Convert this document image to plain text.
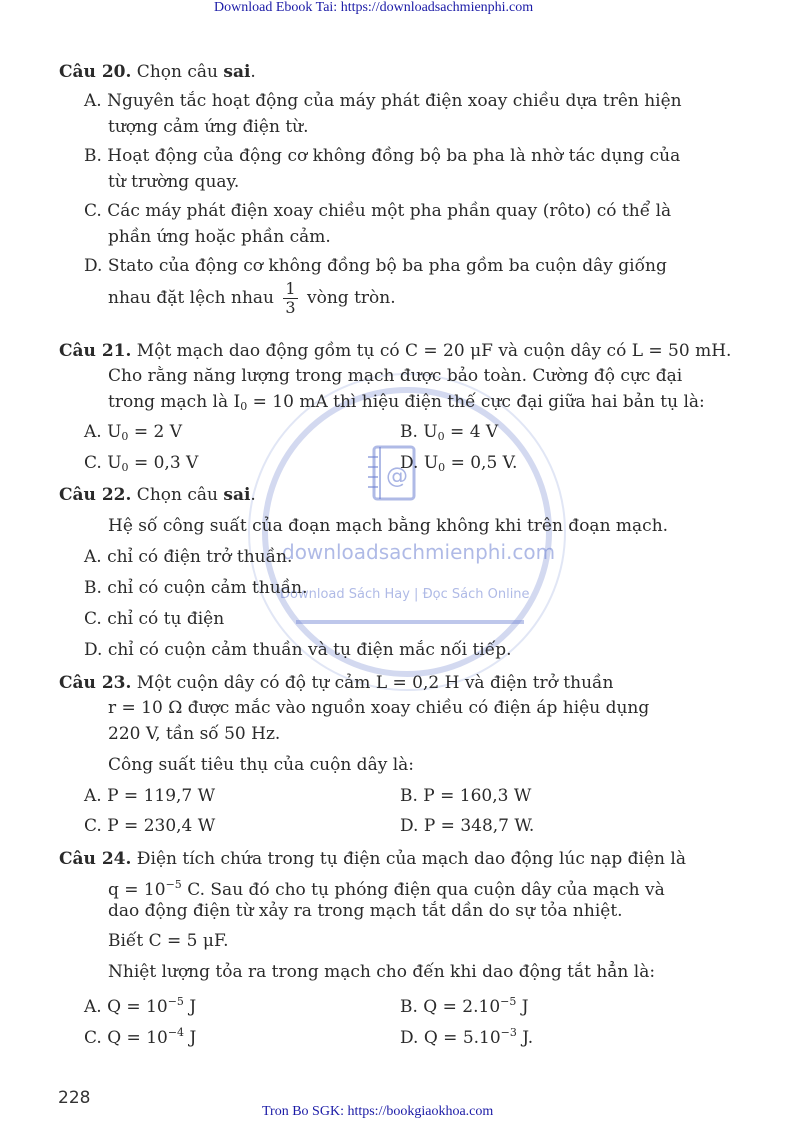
Download Ebook Tai: https://downloadsachmienphi.com
@
downloadsachmienphi.com
Download Sách Hay | Đọc Sách Online
Câu 20. Chọn câu sai.
A. Nguyên tắc hoạt động của máy phát điện xoay chiều dựa trên hiện
tượng cảm ứng điện từ.
B. Hoạt động của động cơ không đồng bộ ba pha là nhờ tác dụng của
từ trường quay.
C. Các máy phát điện xoay chiều một pha phần quay (rôto) có thể là
phần ứng hoặc phần cảm.
D. Stato của động cơ không đồng bộ ba pha gồm ba cuộn dây giống
nhau đặt lệch nhau $\frac{1}{3}$ vòng tròn.
Câu 21. Một mạch dao động gồm tụ có C = 20 μF và cuộn dây có L = 50 mH.
Cho rằng năng lượng trong mạch được bảo toàn. Cường độ cực đại
trong mạch là $I_0 = 10$ mA thì hiệu điện thế cực đại giữa hai bản tụ là:
A. $U_0 = 2$ V	B. $U_0 = 4$ V
C. $U_0 = 0,3$ V	D. $U_0 = 0,5$ V.
Câu 22. Chọn câu sai.
Hệ số công suất của đoạn mạch bằng không khi trên đoạn mạch.
A. chỉ có điện trở thuần.
B. chỉ có cuộn cảm thuần.
C. chỉ có tụ điện
D. chỉ có cuộn cảm thuần và tụ điện mắc nối tiếp.
Câu 23. Một cuộn dây có độ tự cảm L = 0,2 H và điện trở thuần
r = 10 Ω được mắc vào nguồn xoay chiều có điện áp hiệu dụng
220 V, tần số 50 Hz.
Công suất tiêu thụ của cuộn dây là:
A. P = 119,7 W	B. P = 160,3 W
C. P = 230,4 W	D. P = 348,7 W.
Câu 24. Điện tích chứa trong tụ điện của mạch dao động lúc nạp điện là
$q = 10^{-5}$ C. Sau đó cho tụ phóng điện qua cuộn dây của mạch và
dao động điện từ xảy ra trong mạch tắt dần do sự tỏa nhiệt.
Biết C = 5 μF.
Nhiệt lượng tỏa ra trong mạch cho đến khi dao động tắt hẳn là:
A. $Q = 10^{-5}$ J	B. $Q = 2.10^{-5}$ J
C. $Q = 10^{-4}$ J	D. $Q = 5.10^{-3}$ J.
228
Tron Bo SGK: https://bookgiaokhoa.com
